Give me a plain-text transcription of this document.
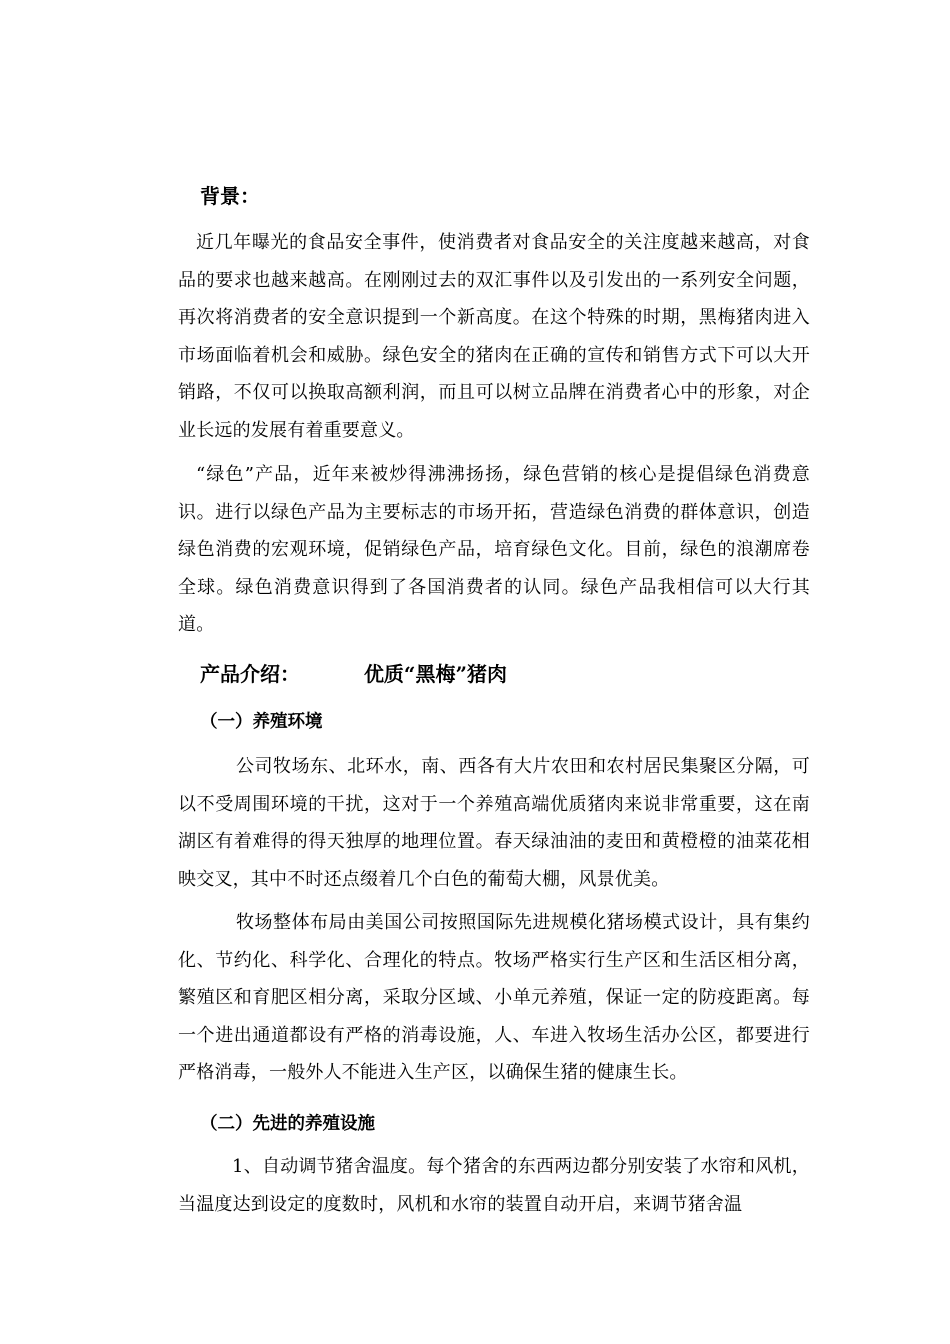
背景：

近几年曝光的食品安全事件，使消费者对食品安全的关注度越来越高，对食品的要求也越来越高。在刚刚过去的双汇事件以及引发出的一系列安全问题，再次将消费者的安全意识提到一个新高度。在这个特殊的时期，黑梅猪肉进入市场面临着机会和威胁。绿色安全的猪肉在正确的宣传和销售方式下可以大开销路，不仅可以换取高额利润，而且可以树立品牌在消费者心中的形象，对企业长远的发展有着重要意义。

“绿色”产品，近年来被炒得沸沸扬扬，绿色营销的核心是提倡绿色消费意识。进行以绿色产品为主要标志的市场开拓，营造绿色消费的群体意识，创造绿色消费的宏观环境，促销绿色产品，培育绿色文化。目前，绿色的浪潮席卷全球。绿色消费意识得到了各国消费者的认同。绿色产品我相信可以大行其道。

产品介绍：	优质“黑梅”猪肉
（一）养殖环境

公司牧场东、北环水，南、西各有大片农田和农村居民集聚区分隔，可以不受周围环境的干扰，这对于一个养殖高端优质猪肉来说非常重要，这在南湖区有着难得的得天独厚的地理位置。春天绿油油的麦田和黄橙橙的油菜花相映交叉，其中不时还点缀着几个白色的葡萄大棚，风景优美。

牧场整体布局由美国公司按照国际先进规模化猪场模式设计，具有集约化、节约化、科学化、合理化的特点。牧场严格实行生产区和生活区相分离，繁殖区和育肥区相分离，采取分区域、小单元养殖，保证一定的防疫距离。每一个进出通道都设有严格的消毒设施，人、车进入牧场生活办公区，都要进行严格消毒，一般外人不能进入生产区，以确保生猪的健康生长。

（二）先进的养殖设施

1、自动调节猪舍温度。每个猪舍的东西两边都分别安装了水帘和风机，当温度达到设定的度数时，风机和水帘的装置自动开启，来调节猪舍温
